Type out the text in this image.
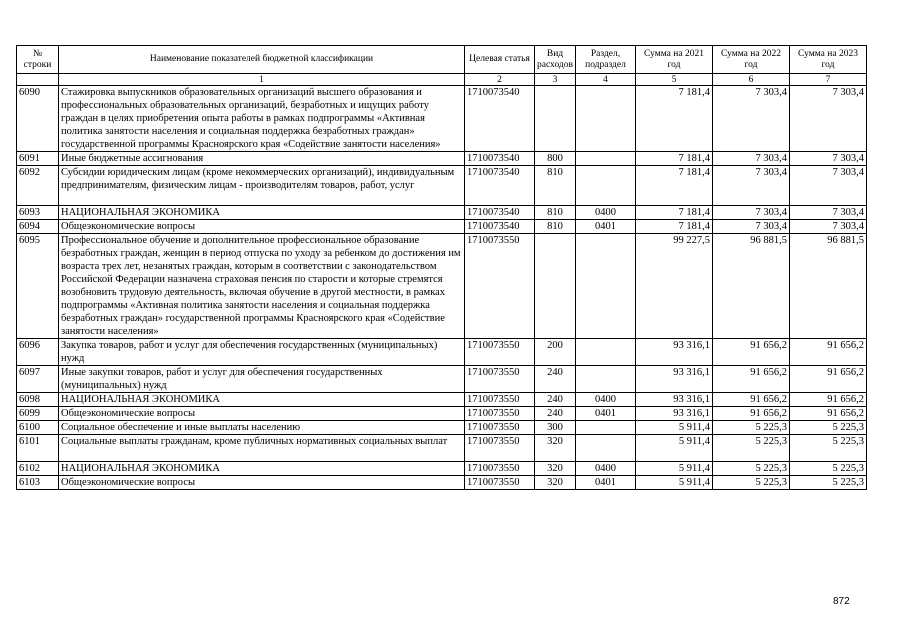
№ строки	Наименование показателей бюджетной классификации	Целевая статья	Вид расходов	Раздел, подраздел	Сумма на 2021 год	Сумма на 2022 год	Сумма на 2023 год
	1	2	3	4	5	6	7
6090	Стажировка выпускников образовательных организаций высшего образования и профессиональных образовательных организаций, безработных и ищущих работу граждан в целях приобретения опыта работы в рамках подпрограммы «Активная политика занятости населения и социальная поддержка безработных граждан» государственной программы Красноярского края «Содействие занятости населения»	1710073540			7 181,4	7 303,4	7 303,4
6091	Иные бюджетные ассигнования	1710073540	800		7 181,4	7 303,4	7 303,4
6092	Субсидии юридическим лицам (кроме некоммерческих организаций), индивидуальным предпринимателям, физическим лицам - производителям товаров, работ, услуг	1710073540	810		7 181,4	7 303,4	7 303,4
6093	НАЦИОНАЛЬНАЯ ЭКОНОМИКА	1710073540	810	0400	7 181,4	7 303,4	7 303,4
6094	Общеэкономические вопросы	1710073540	810	0401	7 181,4	7 303,4	7 303,4
6095	Профессиональное обучение и дополнительное профессиональное образование безработных граждан, женщин в период отпуска по уходу за ребенком до достижения им возраста трех лет, незанятых граждан, которым в соответствии с законодательством Российской Федерации назначена страховая пенсия по старости и которые стремятся возобновить трудовую деятельность, включая обучение в другой местности, в рамках подпрограммы «Активная политика занятости населения и социальная поддержка безработных граждан» государственной программы Красноярского края «Содействие занятости населения»	1710073550			99 227,5	96 881,5	96 881,5
6096	Закупка товаров, работ и услуг для обеспечения государственных (муниципальных) нужд	1710073550	200		93 316,1	91 656,2	91 656,2
6097	Иные закупки товаров, работ и услуг для обеспечения государственных (муниципальных) нужд	1710073550	240		93 316,1	91 656,2	91 656,2
6098	НАЦИОНАЛЬНАЯ ЭКОНОМИКА	1710073550	240	0400	93 316,1	91 656,2	91 656,2
6099	Общеэкономические вопросы	1710073550	240	0401	93 316,1	91 656,2	91 656,2
6100	Социальное обеспечение и иные выплаты населению	1710073550	300		5 911,4	5 225,3	5 225,3
6101	Социальные выплаты гражданам, кроме публичных нормативных социальных выплат	1710073550	320		5 911,4	5 225,3	5 225,3
6102	НАЦИОНАЛЬНАЯ ЭКОНОМИКА	1710073550	320	0400	5 911,4	5 225,3	5 225,3
6103	Общеэкономические вопросы	1710073550	320	0401	5 911,4	5 225,3	5 225,3
872
